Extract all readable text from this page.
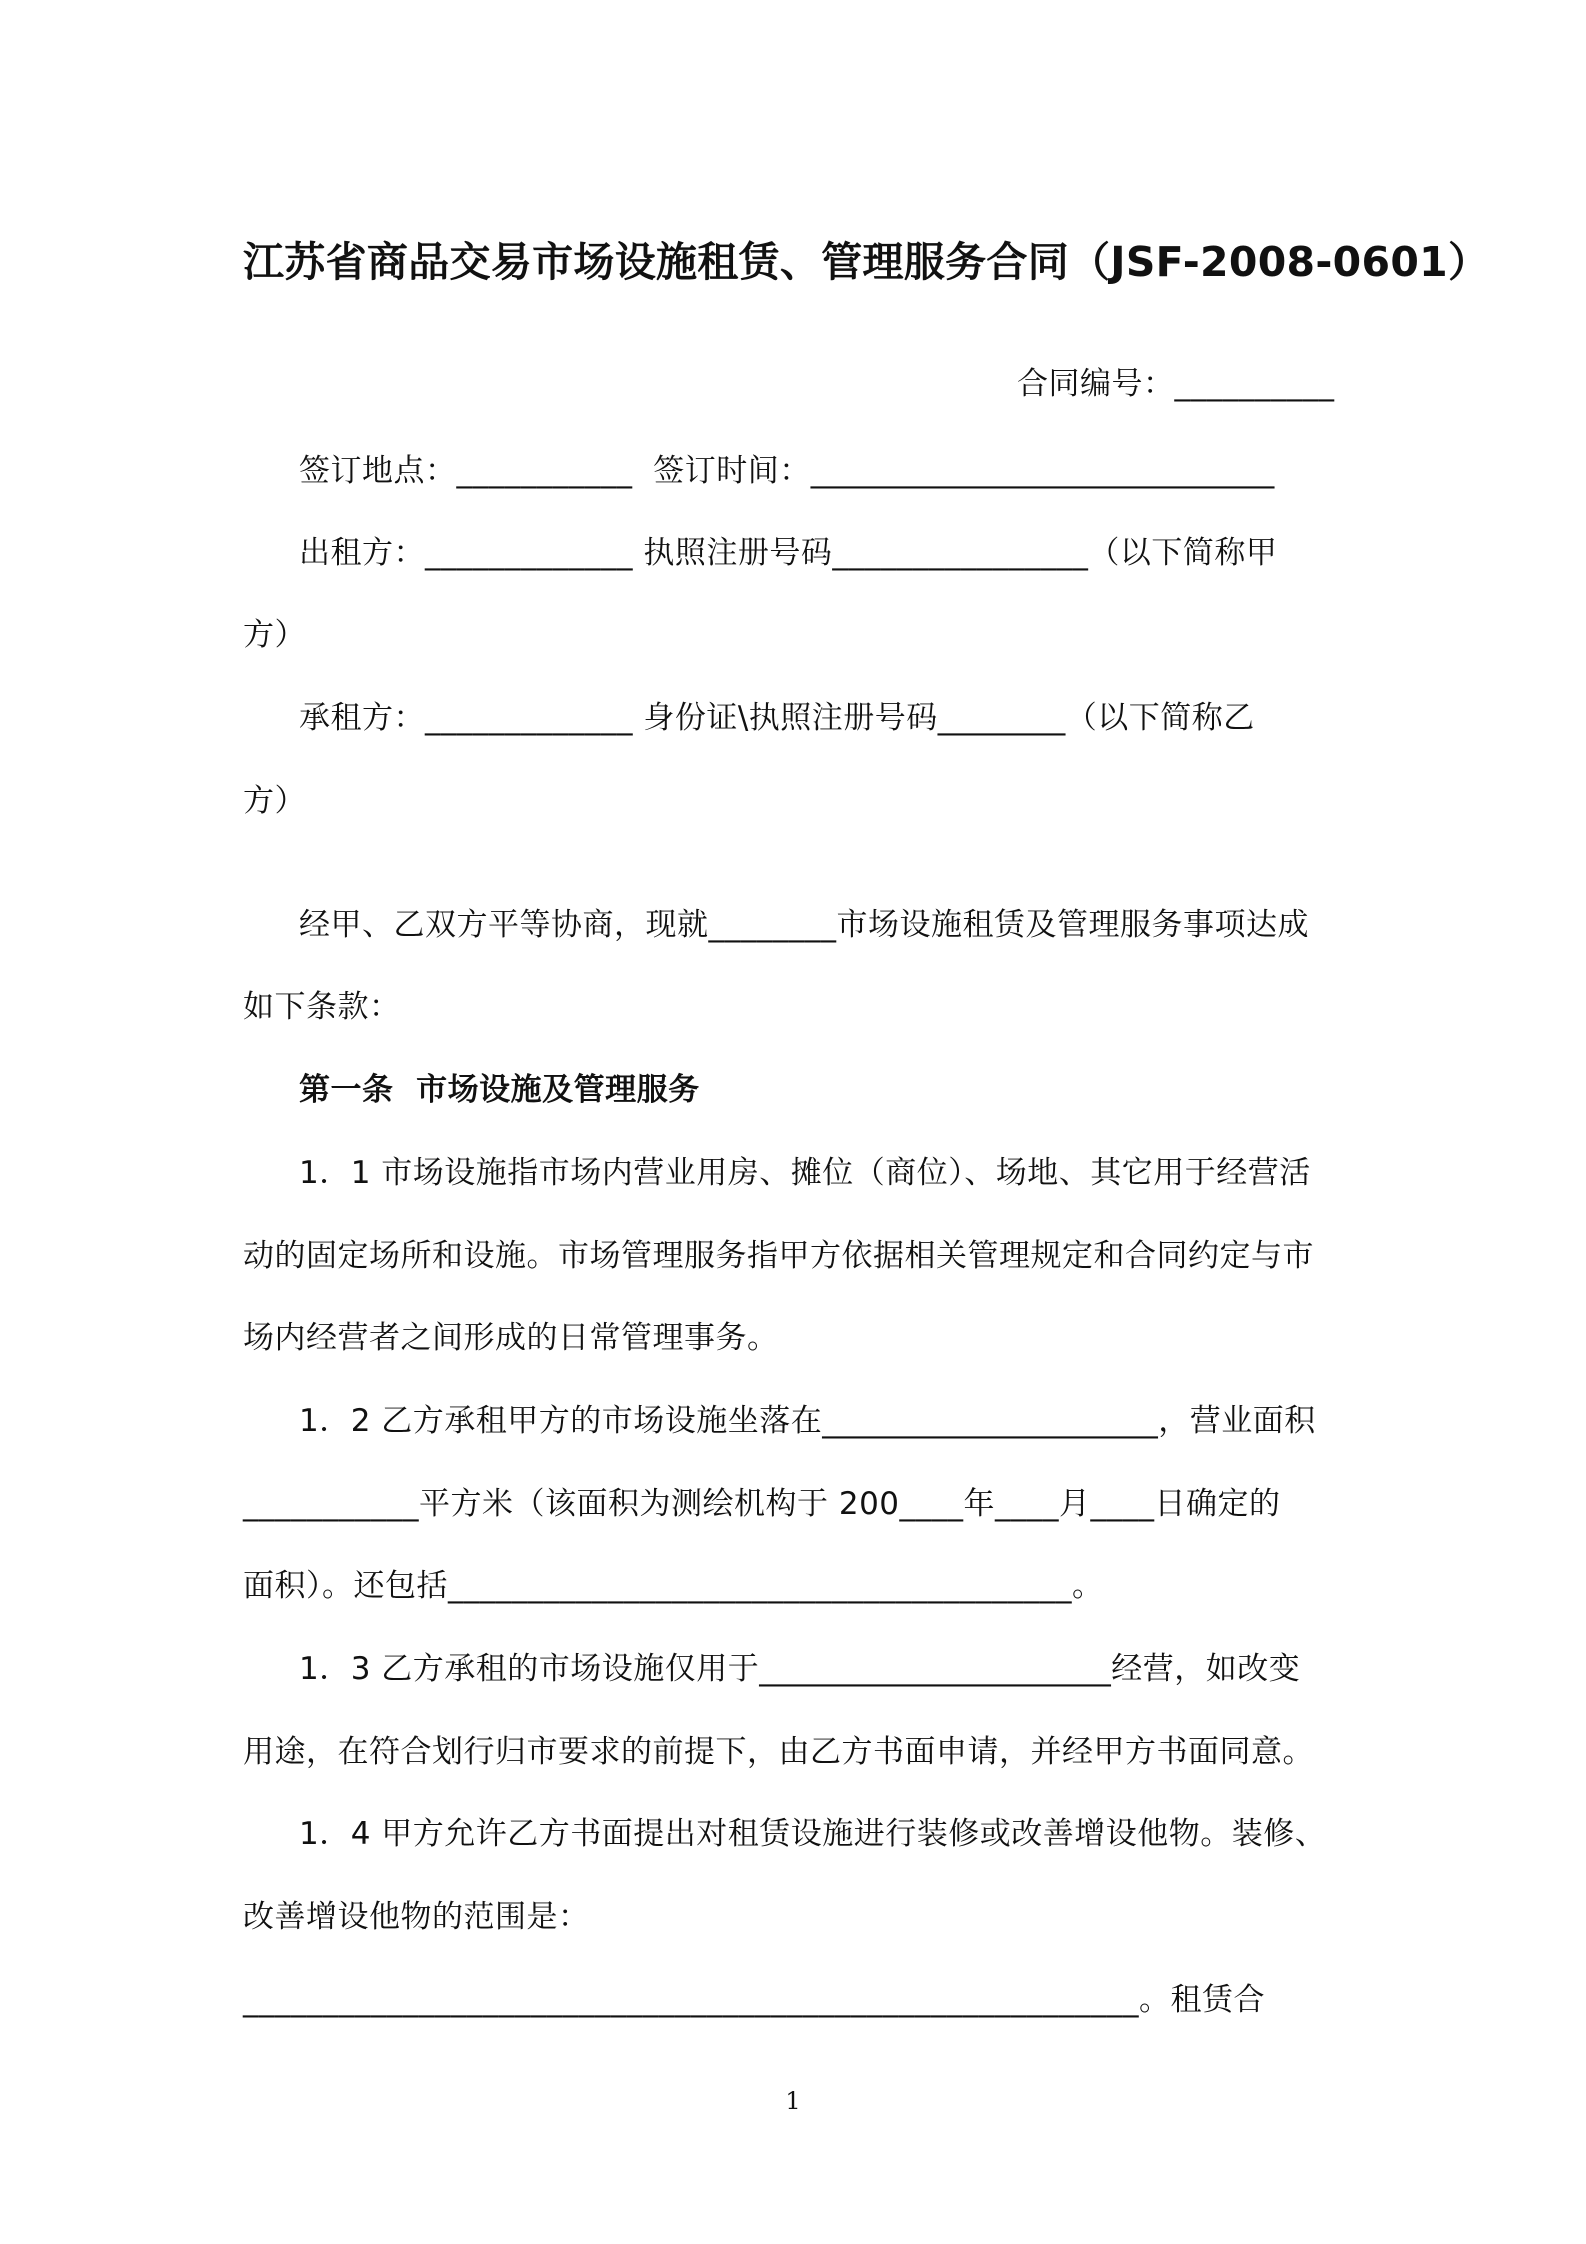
江苏省商品交易市场设施租赁、管理服务合同（JSF-2008-0601）
合同编号：__________
签订地点：___________  签订时间：_____________________________
出租方：_____________ 执照注册号码________________（以下简称甲
方）
承租方：_____________ 身份证\执照注册号码________（以下简称乙
方）
经甲、乙双方平等协商，现就________市场设施租赁及管理服务事项达成
如下条款：
第一条  市场设施及管理服务
1．1 市场设施指市场内营业用房、摊位（商位）、场地、其它用于经营活
动的固定场所和设施。市场管理服务指甲方依据相关管理规定和合同约定与市
场内经营者之间形成的日常管理事务。
1．2 乙方承租甲方的市场设施坐落在_____________________，营业面积
___________平方米（该面积为测绘机构于 200____年____月____日确定的
面积）。还包括_______________________________________。
1．3 乙方承租的市场设施仅用于______________________经营，如改变
用途，在符合划行归市要求的前提下，由乙方书面申请，并经甲方书面同意。
1．4 甲方允许乙方书面提出对租赁设施进行装修或改善增设他物。装修、
改善增设他物的范围是：
________________________________________________________。租赁合
1
